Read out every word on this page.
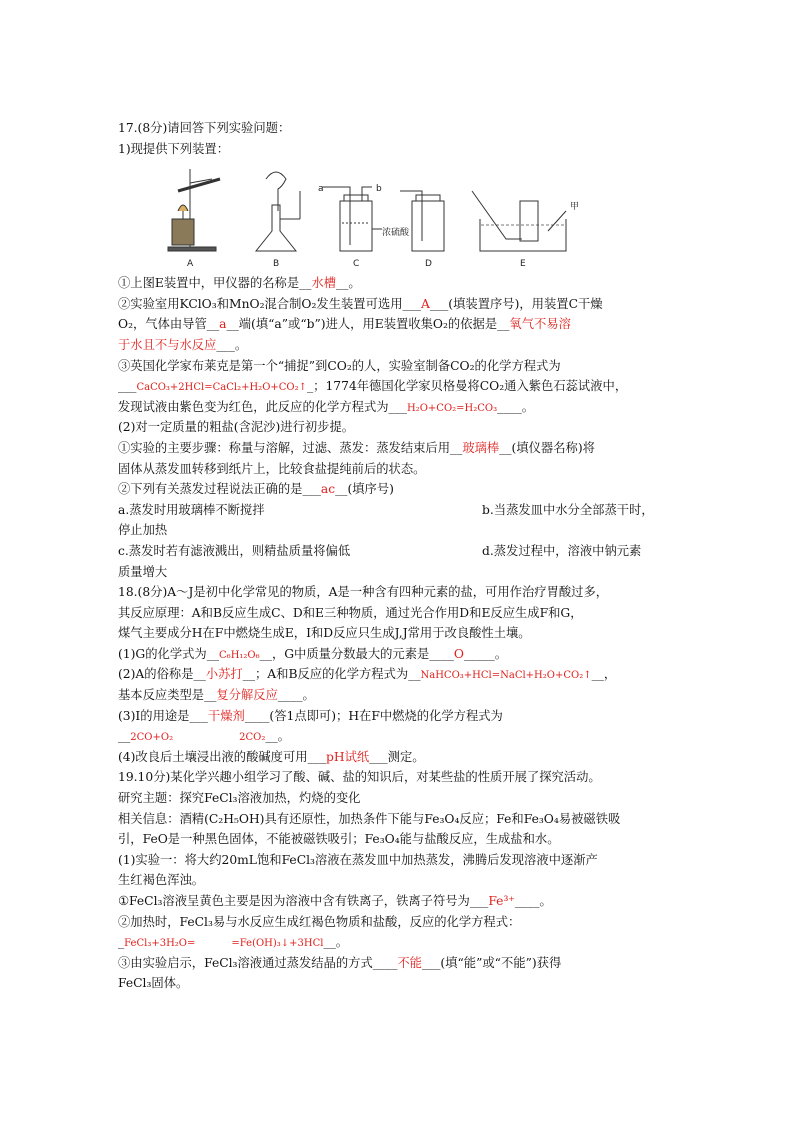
17.(8分)请回答下列实验问题：
1)现提供下列装置：
A	B	C	D	E
a	b
浓硫酸
甲
①上图E装置中，甲仪器的名称是__水槽__。
②实验室用KClO₃和MnO₂混合制O₂发生装置可选用___A___(填装置序号)，用装置C干燥
O₂，气体由导管__a__端(填“a”或“b”)进人，用E装置收集O₂的依据是__氧气不易溶
于水且不与水反应___。
③英国化学家布莱克是第一个“捕捉”到CO₂的人，实验室制备CO₂的化学方程式为
___CaCO₃+2HCl=CaCl₂+H₂O+CO₂↑_；1774年德国化学家贝格曼将CO₂通入紫色石蕊试液中，
发现试液由紫色变为红色，此反应的化学方程式为___H₂O+CO₂=H₂CO₃____。
(2)对一定质量的粗盐(含泥沙)进行初步提。
①实验的主要步骤：称量与溶解，过滤、蒸发：蒸发结束后用__玻璃棒__(填仪器名称)将
固体从蒸发皿转移到纸片上，比较食盐提纯前后的状态。
②下列有关蒸发过程说法正确的是___ac__(填序号)
a.蒸发时用玻璃棒不断搅拌	b.当蒸发皿中水分全部蒸干时，
停止加热
c.蒸发时若有滤液溅出，则精盐质量将偏低	d.蒸发过程中，溶液中钠元素
质量增大
18.(8分)A～J是初中化学常见的物质，A是一种含有四种元素的盐，可用作治疗胃酸过多，
其反应原理：A和B反应生成C、D和E三种物质，通过光合作用D和E反应生成F和G，
煤气主要成分H在F中燃烧生成E，I和D反应只生成J,J常用于改良酸性土壤。
(1)G的化学式为__C₆H₁₂O₆__，G中质量分数最大的元素是____O_____。
(2)A的俗称是__小苏打__；A和B反应的化学方程式为__NaHCO₃+HCl=NaCl+H₂O+CO₂↑__，
基本反应类型是__复分解反应____。
(3)I的用途是___干燥剂____(答1点即可)；H在F中燃烧的化学方程式为
__2CO+O₂	2CO₂__。
(4)改良后土壤浸出液的酸碱度可用___pH试纸___测定。
19.10分)某化学兴趣小组学习了酸、碱、盐的知识后，对某些盐的性质开展了探究活动。
研究主题：探究FeCl₃溶液加热，灼烧的变化
相关信息：酒精(C₂H₅OH)具有还原性，加热条件下能与Fe₃O₄反应；Fe和Fe₃O₄易被磁铁吸
引，FeO是一种黑色固体，不能被磁铁吸引；Fe₃O₄能与盐酸反应，生成盐和水。
(1)实验一：将大约20mL饱和FeCl₃溶液在蒸发皿中加热蒸发，沸腾后发现溶液中逐渐产
生红褐色浑浊。
①FeCl₃溶液呈黄色主要是因为溶液中含有铁离子，铁离子符号为___Fe³⁺____。
②加热时，FeCl₃易与水反应生成红褐色物质和盐酸，反应的化学方程式：
_FeCl₃+3H₂O=	=Fe(OH)₃↓+3HCl__。
③由实验启示，FeCl₃溶液通过蒸发结晶的方式____不能___(填“能”或“不能”)获得
FeCl₃固体。
